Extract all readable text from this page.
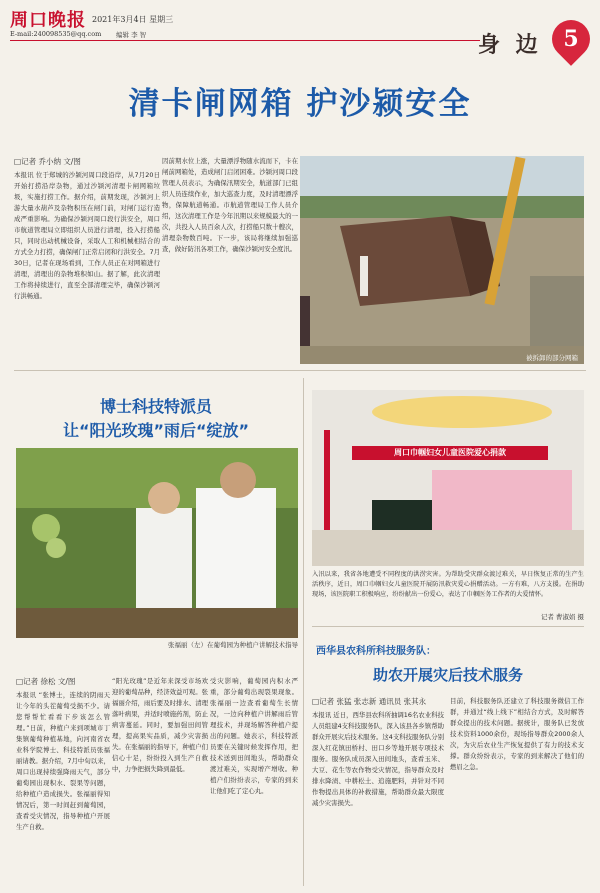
周口晚报 2021年3月4日 星期三
E-mail:240098535@qq.com 编辑 李 智	身 边 5
清卡闸网箱 护沙颍安全
□记者 乔小纳 文/图
本报讯 位于郑城的沙颍河周口段沿岸，从7月20日开始打捞沿岸杂物，通过沙颍河清理卡闸网箱垃圾，实施打捞工作。据介绍，前期发现，沙颍河上游大量水葫芦及杂物积压在闸门前，对闸门运行造成严重影响。为确保沙颍河周口段行洪安全，周口市航道管理局立即组织人员进行清理，投入打捞船只，同时出动机械设备，采取人工和机械相结合的方式全力打捞，确保闸门正常启闭和行洪安全。7月30日，记者在现场看到，工作人员正在对网箱进行清理，清理出的杂物堆积如山。据了解，此次清理工作将持续进行，直至全部清理完毕，确保沙颍河行洪畅通。
因前期水位上涨，大量漂浮物随水流而下，卡在闸前网箱处，造成闸门启闭困难。沙颍河周口段管理人员表示，为确保汛期安全，航道部门已组织人员连续作业，加大巡查力度，及时清理漂浮物，保障航道畅通。市航道管理局工作人员介绍，这次清理工作是今年汛期以来规模最大的一次，共投入人员百余人次，打捞船只数十艘次，清理杂物数百吨。下一步，该局将继续加强巡查，做好防汛各项工作，确保沙颍河安全度汛。
被拆卸的部分网箱
博士科技特派员
让“阳光玫瑰”雨后“绽放”
张福丽（左）在葡萄园为种植户讲解技术指导
□记者 徐松 文/图
本报讯 “张博士，连续的阴雨天让今年的头茬葡萄受损不少。请您帮帮忙看看下步该怎么管理。”日前，种植户来到项城市丁集镇葡萄种植基地，向河南省农业科学院博士、科技特派员张福丽请教。据介绍，7月中旬以来，周口出现持续强降雨天气，部分葡萄园出现积水、裂果等问题，给种植户造成损失。张福丽得知情况后，第一时间赶到葡萄园，查看受灾情况，指导种植户开展生产自救。
“阳光玫瑰”是近年来深受市场欢迎的葡萄品种，经济效益可观。张福丽介绍，雨后要及时排水、清理落叶病果，并适时喷施药剂，防止病害蔓延。同时，要加强田间管理，提高果实品质，减少灾害损失。在张福丽的指导下，种植户们信心十足，纷纷投入到生产自救中，力争把损失降到最低。
受灾影响，葡萄园内积水严重，部分葡萄出现裂果现象。张福丽一边查看葡萄生长情况，一边向种植户讲解雨后管理技术，并现场解答种植户提出的问题。她表示，科技特派员要在关键时候发挥作用，把技术送到田间地头，帮助群众渡过难关，实现增产增收。种植户们纷纷表示，专家的到来让他们吃了定心丸。
周口巾帼妇女儿童医院爱心捐款
入汛以来，我省各地遭受不同程度的洪涝灾害。为帮助受灾群众渡过难关，早日恢复正常的生产生活秩序，近日，周口巾帼妇女儿童医院开展防汛救灾爱心捐赠活动。一方有难，八方支援。在捐助现场，该医院职工积极响应，纷纷献出一份爱心，表达了巾帼医务工作者的大爱情怀。
记者 曹淑娟 摄
西华县农科所科技服务队：
助农开展灾后技术服务
□记者 张猛 张志新 通讯员 张其永
本报讯 近日，西华县农科所抽调16名农业科技人员组建4支科技服务队，深入该县各乡镇帮助群众开展灾后技术服务。这4支科技服务队分别深入红花镇田桥村、田口乡等地开展专项技术服务。服务队成员深入田间地头，查看玉米、大豆、花生等农作物受灾情况，指导群众及时排水降渍、中耕松土、追施肥料，并针对不同作物提出具体的补救措施，帮助群众最大限度减少灾害损失。
目前，科技服务队还建立了科技服务微信工作群，并通过“线上线下”相结合方式，及时解答群众提出的技术问题。据统计，服务队已发放技术资料1000余份，现场指导群众2000余人次，为灾后农业生产恢复提供了有力的技术支撑。群众纷纷表示，专家的到来解决了他们的燃眉之急。
